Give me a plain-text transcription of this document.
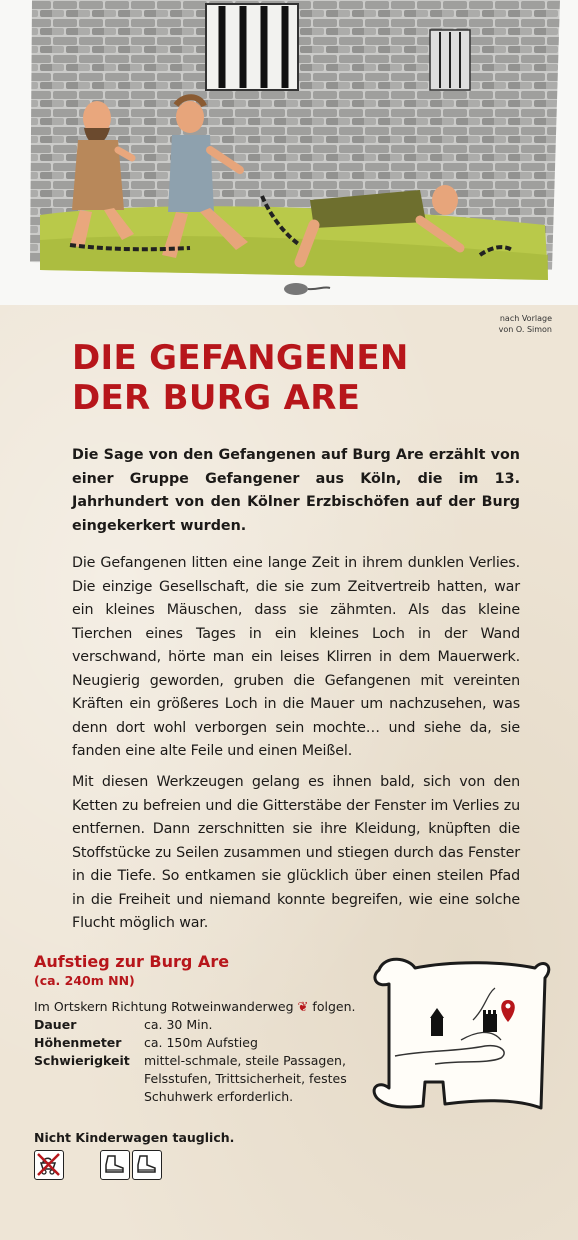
nach Vorlage
von O. Simon
DIE GEFANGENEN
DER BURG ARE

Die Sage von den Gefangenen auf Burg Are erzählt von einer Gruppe Gefangener aus Köln, die im 13. Jahrhundert von den Kölner Erzbischöfen auf der Burg eingekerkert wurden.

Die Gefangenen litten eine lange Zeit in ihrem dunklen Verlies. Die einzige Gesellschaft, die sie zum Zeitvertreib hatten, war ein kleines Mäuschen, dass sie zähmten. Als das kleine Tierchen eines Tages in ein kleines Loch in der Wand verschwand, hörte man ein leises Klirren in dem Mauerwerk. Neugierig geworden, gruben die Gefangenen mit vereinten Kräften ein größeres Loch in die Mauer um nachzusehen, was denn dort wohl verborgen sein mochte… und siehe da, sie fanden eine alte Feile und einen Meißel.

Mit diesen Werkzeugen gelang es ihnen bald, sich von den Ketten zu befreien und die Gitterstäbe der Fenster im Verlies zu entfernen. Dann zerschnitten sie ihre Kleidung, knüpften die Stoffstücke zu Seilen zusammen und stiegen durch das Fenster in die Tiefe. So entkamen sie glücklich über einen steilen Pfad in die Freiheit und niemand konnte begreifen, wie eine solche Flucht möglich war.

Aufstieg zur Burg Are
(ca. 240m NN)
Im Ortskern Richtung Rotweinwanderweg ❦ folgen.
Dauer	ca. 30 Min.
Höhenmeter	ca. 150m Aufstieg
Schwierigkeit	mittel-schmale, steile Passagen, Felsstufen, Trittsicherheit, festes Schuhwerk erforderlich.
Nicht Kinderwagen tauglich.
